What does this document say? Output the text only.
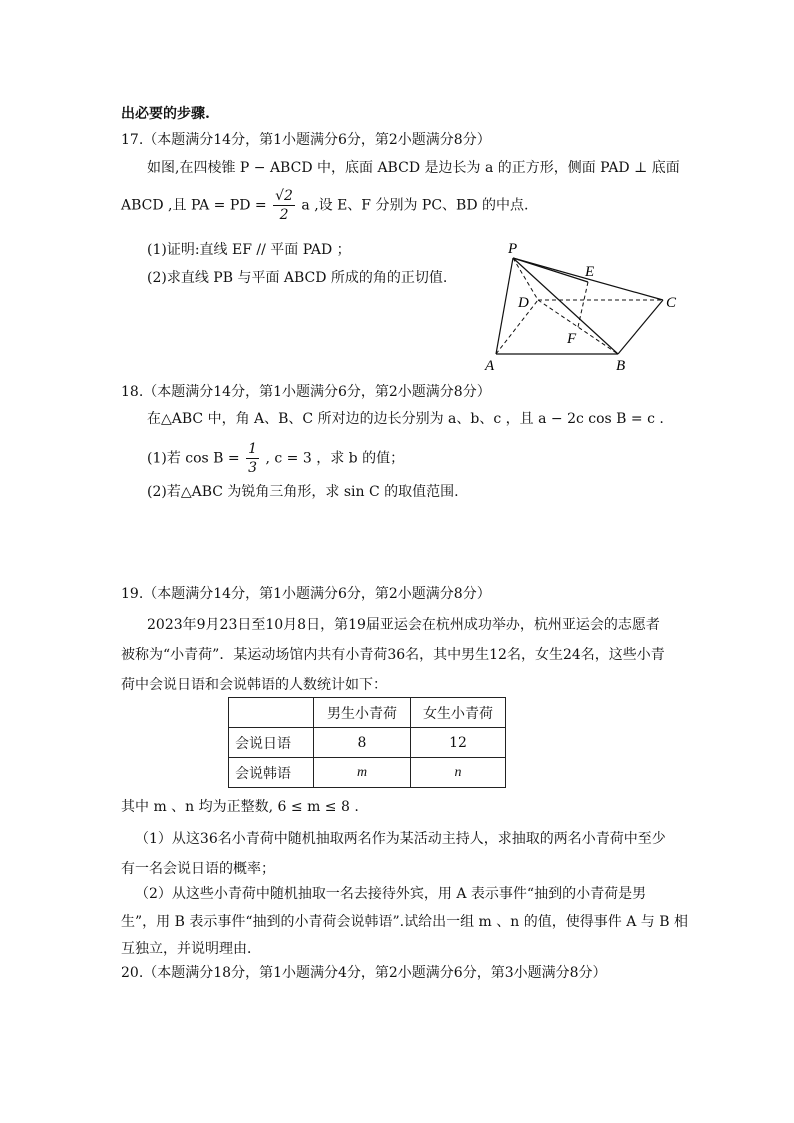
出必要的步骤.
17.（本题满分14分，第1小题满分6分，第2小题满分8分）
如图,在四棱锥 P − ABCD 中，底面 ABCD 是边长为 a 的正方形，侧面 PAD ⊥ 底面
ABCD ,且 PA = PD = $\frac{√2}{2}$ a ,设 E、F 分别为 PC、BD 的中点.
(1)证明:直线 EF // 平面 PAD ；
(2)求直线 PB 与平面 ABCD 所成的角的正切值.
P
E
D	C
F
A	B
18.（本题满分14分，第1小题满分6分，第2小题满分8分）
在△ABC 中，角 A、B、C 所对边的边长分别为 a、b、c ，且 a − 2c cos B = c .
(1)若 $\cos B = \frac{1}{3}$ , c = 3 ，求 b 的值；
(2)若△ABC 为锐角三角形，求 sin C 的取值范围.
19.（本题满分14分，第1小题满分6分，第2小题满分8分）
2023年9月23日至10月8日，第19届亚运会在杭州成功举办，杭州亚运会的志愿者
被称为“小青荷”．某运动场馆内共有小青荷36名，其中男生12名，女生24名，这些小青
荷中会说日语和会说韩语的人数统计如下：
	男生小青荷	女生小青荷
会说日语	8	12
会说韩语	m	n
其中 m 、n 均为正整数, 6 ≤ m ≤ 8 .
（1）从这36名小青荷中随机抽取两名作为某活动主持人，求抽取的两名小青荷中至少
有一名会说日语的概率；
（2）从这些小青荷中随机抽取一名去接待外宾，用 A 表示事件“抽到的小青荷是男
生”，用 B 表示事件“抽到的小青荷会说韩语”.试给出一组 m 、n 的值，使得事件 A 与 B 相
互独立，并说明理由．
20.（本题满分18分，第1小题满分4分，第2小题满分6分，第3小题满分8分）
